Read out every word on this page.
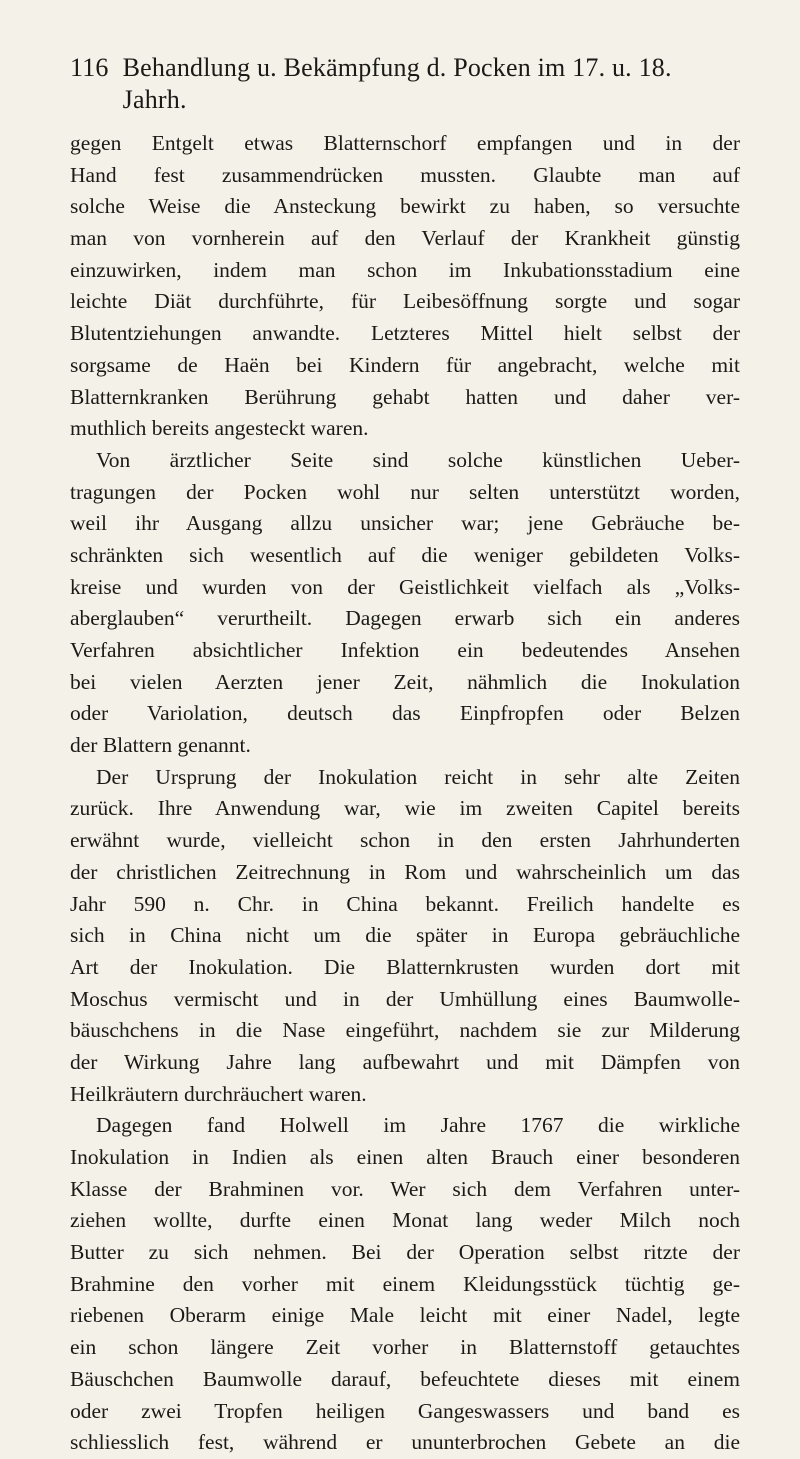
116 Behandlung u. Bekämpfung d. Pocken im 17. u. 18. Jahrh.
gegen Entgelt etwas Blatternschorf empfangen und in der
Hand fest zusammendrücken mussten. Glaubte man auf
solche Weise die Ansteckung bewirkt zu haben, so versuchte
man von vornherein auf den Verlauf der Krankheit günstig
einzuwirken, indem man schon im Inkubationsstadium eine
leichte Diät durchführte, für Leibesöffnung sorgte und sogar
Blutentziehungen anwandte. Letzteres Mittel hielt selbst der
sorgsame de Haën bei Kindern für angebracht, welche mit
Blatternkranken Berührung gehabt hatten und daher ver-
muthlich bereits angesteckt waren.
Von ärztlicher Seite sind solche künstlichen Ueber-
tragungen der Pocken wohl nur selten unterstützt worden,
weil ihr Ausgang allzu unsicher war; jene Gebräuche be-
schränkten sich wesentlich auf die weniger gebildeten Volks-
kreise und wurden von der Geistlichkeit vielfach als „Volks-
aberglauben“ verurtheilt. Dagegen erwarb sich ein anderes
Verfahren absichtlicher Infektion ein bedeutendes Ansehen
bei vielen Aerzten jener Zeit, nähmlich die Inokulation
oder Variolation, deutsch das Einpfropfen oder Belzen
der Blattern genannt.
Der Ursprung der Inokulation reicht in sehr alte Zeiten
zurück. Ihre Anwendung war, wie im zweiten Capitel bereits
erwähnt wurde, vielleicht schon in den ersten Jahrhunderten
der christlichen Zeitrechnung in Rom und wahrscheinlich um das
Jahr 590 n. Chr. in China bekannt. Freilich handelte es
sich in China nicht um die später in Europa gebräuchliche
Art der Inokulation. Die Blatternkrusten wurden dort mit
Moschus vermischt und in der Umhüllung eines Baumwolle-
bäuschchens in die Nase eingeführt, nachdem sie zur Milderung
der Wirkung Jahre lang aufbewahrt und mit Dämpfen von
Heilkräutern durchräuchert waren.
Dagegen fand Holwell im Jahre 1767 die wirkliche
Inokulation in Indien als einen alten Brauch einer besonderen
Klasse der Brahminen vor. Wer sich dem Verfahren unter-
ziehen wollte, durfte einen Monat lang weder Milch noch
Butter zu sich nehmen. Bei der Operation selbst ritzte der
Brahmine den vorher mit einem Kleidungsstück tüchtig ge-
riebenen Oberarm einige Male leicht mit einer Nadel, legte
ein schon längere Zeit vorher in Blatternstoff getauchtes
Bäuschchen Baumwolle darauf, befeuchtete dieses mit einem
oder zwei Tropfen heiligen Gangeswassers und band es
schliesslich fest, während er ununterbrochen Gebete an die
